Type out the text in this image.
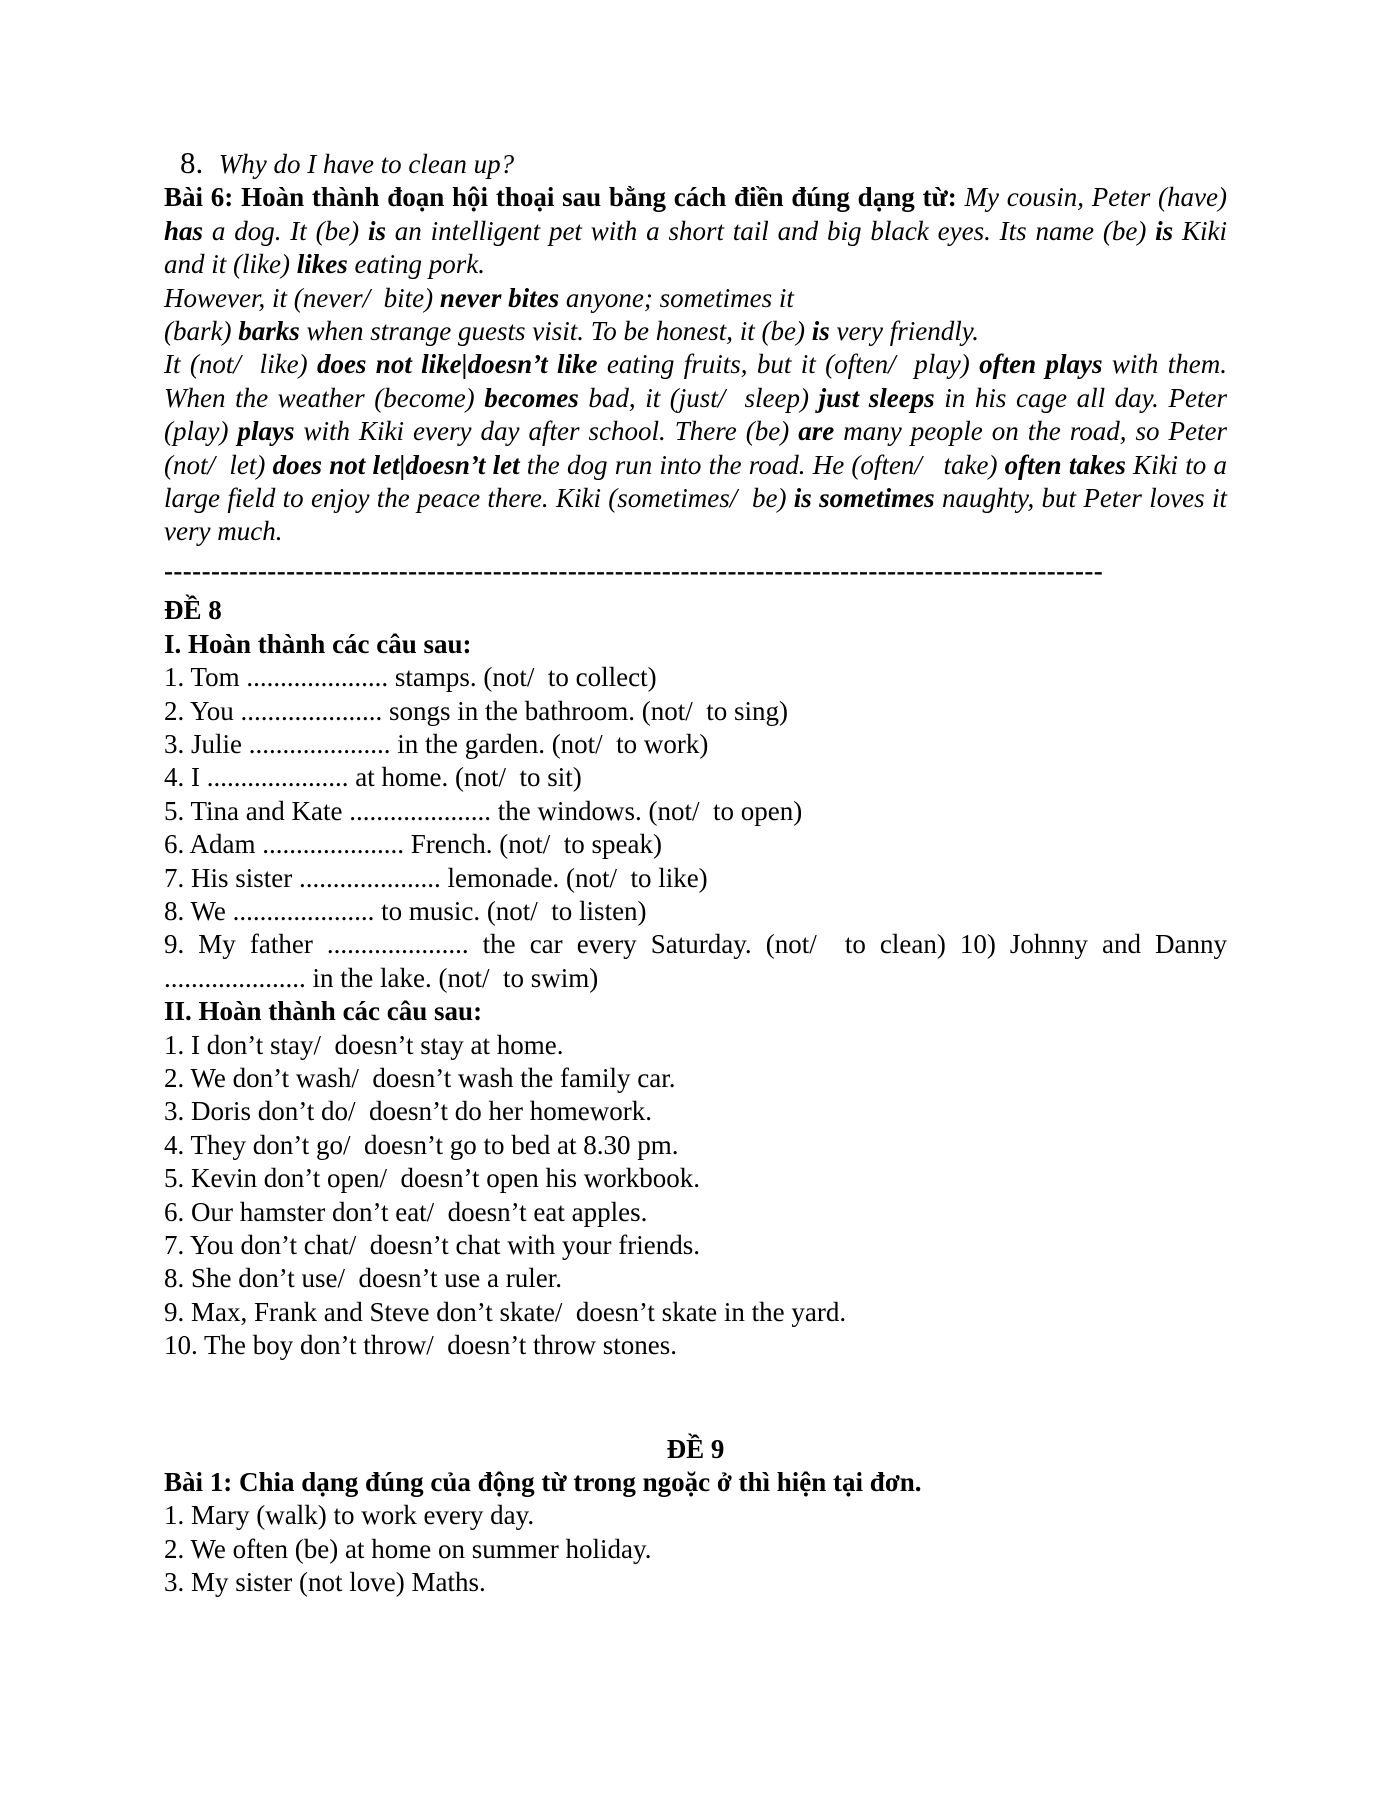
8.  Why do I have to clean up?
Bài 6: Hoàn thành đoạn hội thoại sau bằng cách điền đúng dạng từ: My cousin, Peter (have) has a dog. It (be) is an intelligent pet with a short tail and big black eyes. Its name (be) is Kiki and it (like) likes eating pork.
However, it (never/  bite) never bites anyone; sometimes it
(bark) barks when strange guests visit. To be honest, it (be) is very friendly.
It (not/  like) does not like|doesn’t like eating fruits, but it (often/  play) often plays with them. When the weather (become) becomes bad, it (just/  sleep) just sleeps in his cage all day. Peter (play) plays with Kiki every day after school. There (be) are many people on the road, so Peter (not/  let) does not let|doesn’t let the dog run into the road. He (often/   take) often takes Kiki to a large field to enjoy the peace there. Kiki (sometimes/  be) is sometimes naughty, but Peter loves it very much.
----------------------------------------------------------------------------------------------------
ĐỀ 8
I. Hoàn thành các câu sau:
1. Tom ..................... stamps. (not/  to collect)
2. You ..................... songs in the bathroom. (not/  to sing)
3. Julie ..................... in the garden. (not/  to work)
4. I ..................... at home. (not/  to sit)
5. Tina and Kate ..................... the windows. (not/  to open)
6. Adam ..................... French. (not/  to speak)
7. His sister ..................... lemonade. (not/  to like)
8. We ..................... to music. (not/  to listen)
9. My father ..................... the car every Saturday. (not/  to clean) 10) Johnny and Danny ..................... in the lake. (not/  to swim)
II. Hoàn thành các câu sau:
1. I don’t stay/  doesn’t stay at home.
2. We don’t wash/  doesn’t wash the family car.
3. Doris don’t do/  doesn’t do her homework.
4. They don’t go/  doesn’t go to bed at 8.30 pm.
5. Kevin don’t open/  doesn’t open his workbook.
6. Our hamster don’t eat/  doesn’t eat apples.
7. You don’t chat/  doesn’t chat with your friends.
8. She don’t use/  doesn’t use a ruler.
9. Max, Frank and Steve don’t skate/  doesn’t skate in the yard.
10. The boy don’t throw/  doesn’t throw stones.
ĐỀ 9
Bài 1: Chia dạng đúng của động từ trong ngoặc ở thì hiện tại đơn.
1. Mary (walk) to work every day.
2. We often (be) at home on summer holiday.
3. My sister (not love) Maths.
